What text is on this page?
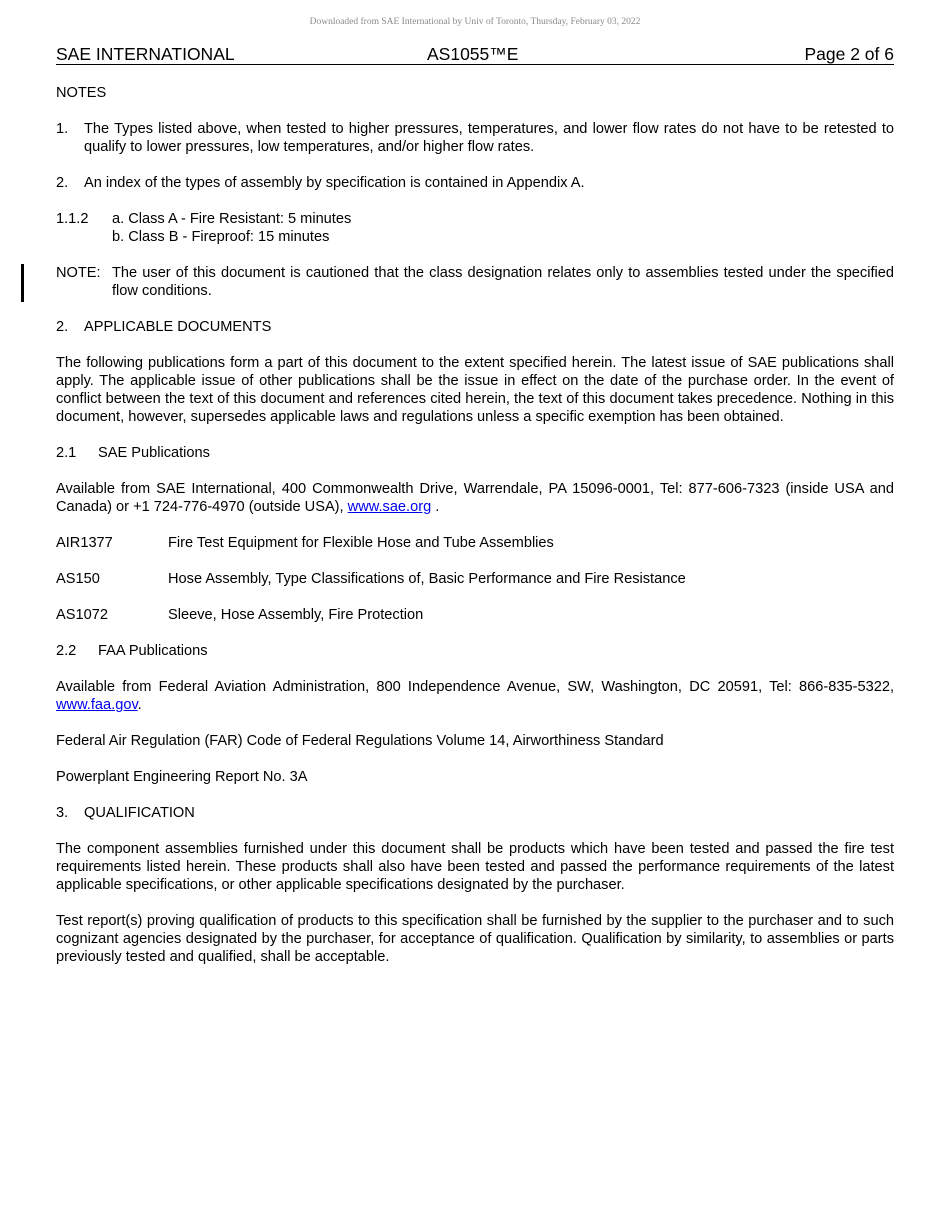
Downloaded from SAE International by Univ of Toronto, Thursday, February 03, 2022
SAE INTERNATIONAL	AS1055™E	Page 2 of 6

NOTES

1.	The Types listed above, when tested to higher pressures, temperatures, and lower flow rates do not have to be retested to qualify to lower pressures, low temperatures, and/or higher flow rates.
2.	An index of the types of assembly by specification is contained in Appendix A.
1.1.2	a. Class A - Fire Resistant: 5 minutes
b. Class B - Fireproof: 15 minutes
NOTE: The user of this document is cautioned that the class designation relates only to assemblies tested under the specified flow conditions.

2. APPLICABLE DOCUMENTS

The following publications form a part of this document to the extent specified herein. The latest issue of SAE publications shall apply. The applicable issue of other publications shall be the issue in effect on the date of the purchase order. In the event of conflict between the text of this document and references cited herein, the text of this document takes precedence. Nothing in this document, however, supersedes applicable laws and regulations unless a specific exemption has been obtained.

2.1 SAE Publications

Available from SAE International, 400 Commonwealth Drive, Warrendale, PA 15096-0001, Tel: 877-606-7323 (inside USA and Canada) or +1 724-776-4970 (outside USA), www.sae.org .

AIR1377	Fire Test Equipment for Flexible Hose and Tube Assemblies
AS150	Hose Assembly, Type Classifications of, Basic Performance and Fire Resistance
AS1072	Sleeve, Hose Assembly, Fire Protection

2.2 FAA Publications

Available from Federal Aviation Administration, 800 Independence Avenue, SW, Washington, DC 20591, Tel: 866-835-5322, www.faa.gov.

Federal Air Regulation (FAR) Code of Federal Regulations Volume 14, Airworthiness Standard

Powerplant Engineering Report No. 3A

3. QUALIFICATION

The component assemblies furnished under this document shall be products which have been tested and passed the fire test requirements listed herein. These products shall also have been tested and passed the performance requirements of the latest applicable specifications, or other applicable specifications designated by the purchaser.

Test report(s) proving qualification of products to this specification shall be furnished by the supplier to the purchaser and to such cognizant agencies designated by the purchaser, for acceptance of qualification. Qualification by similarity, to assemblies or parts previously tested and qualified, shall be acceptable.
